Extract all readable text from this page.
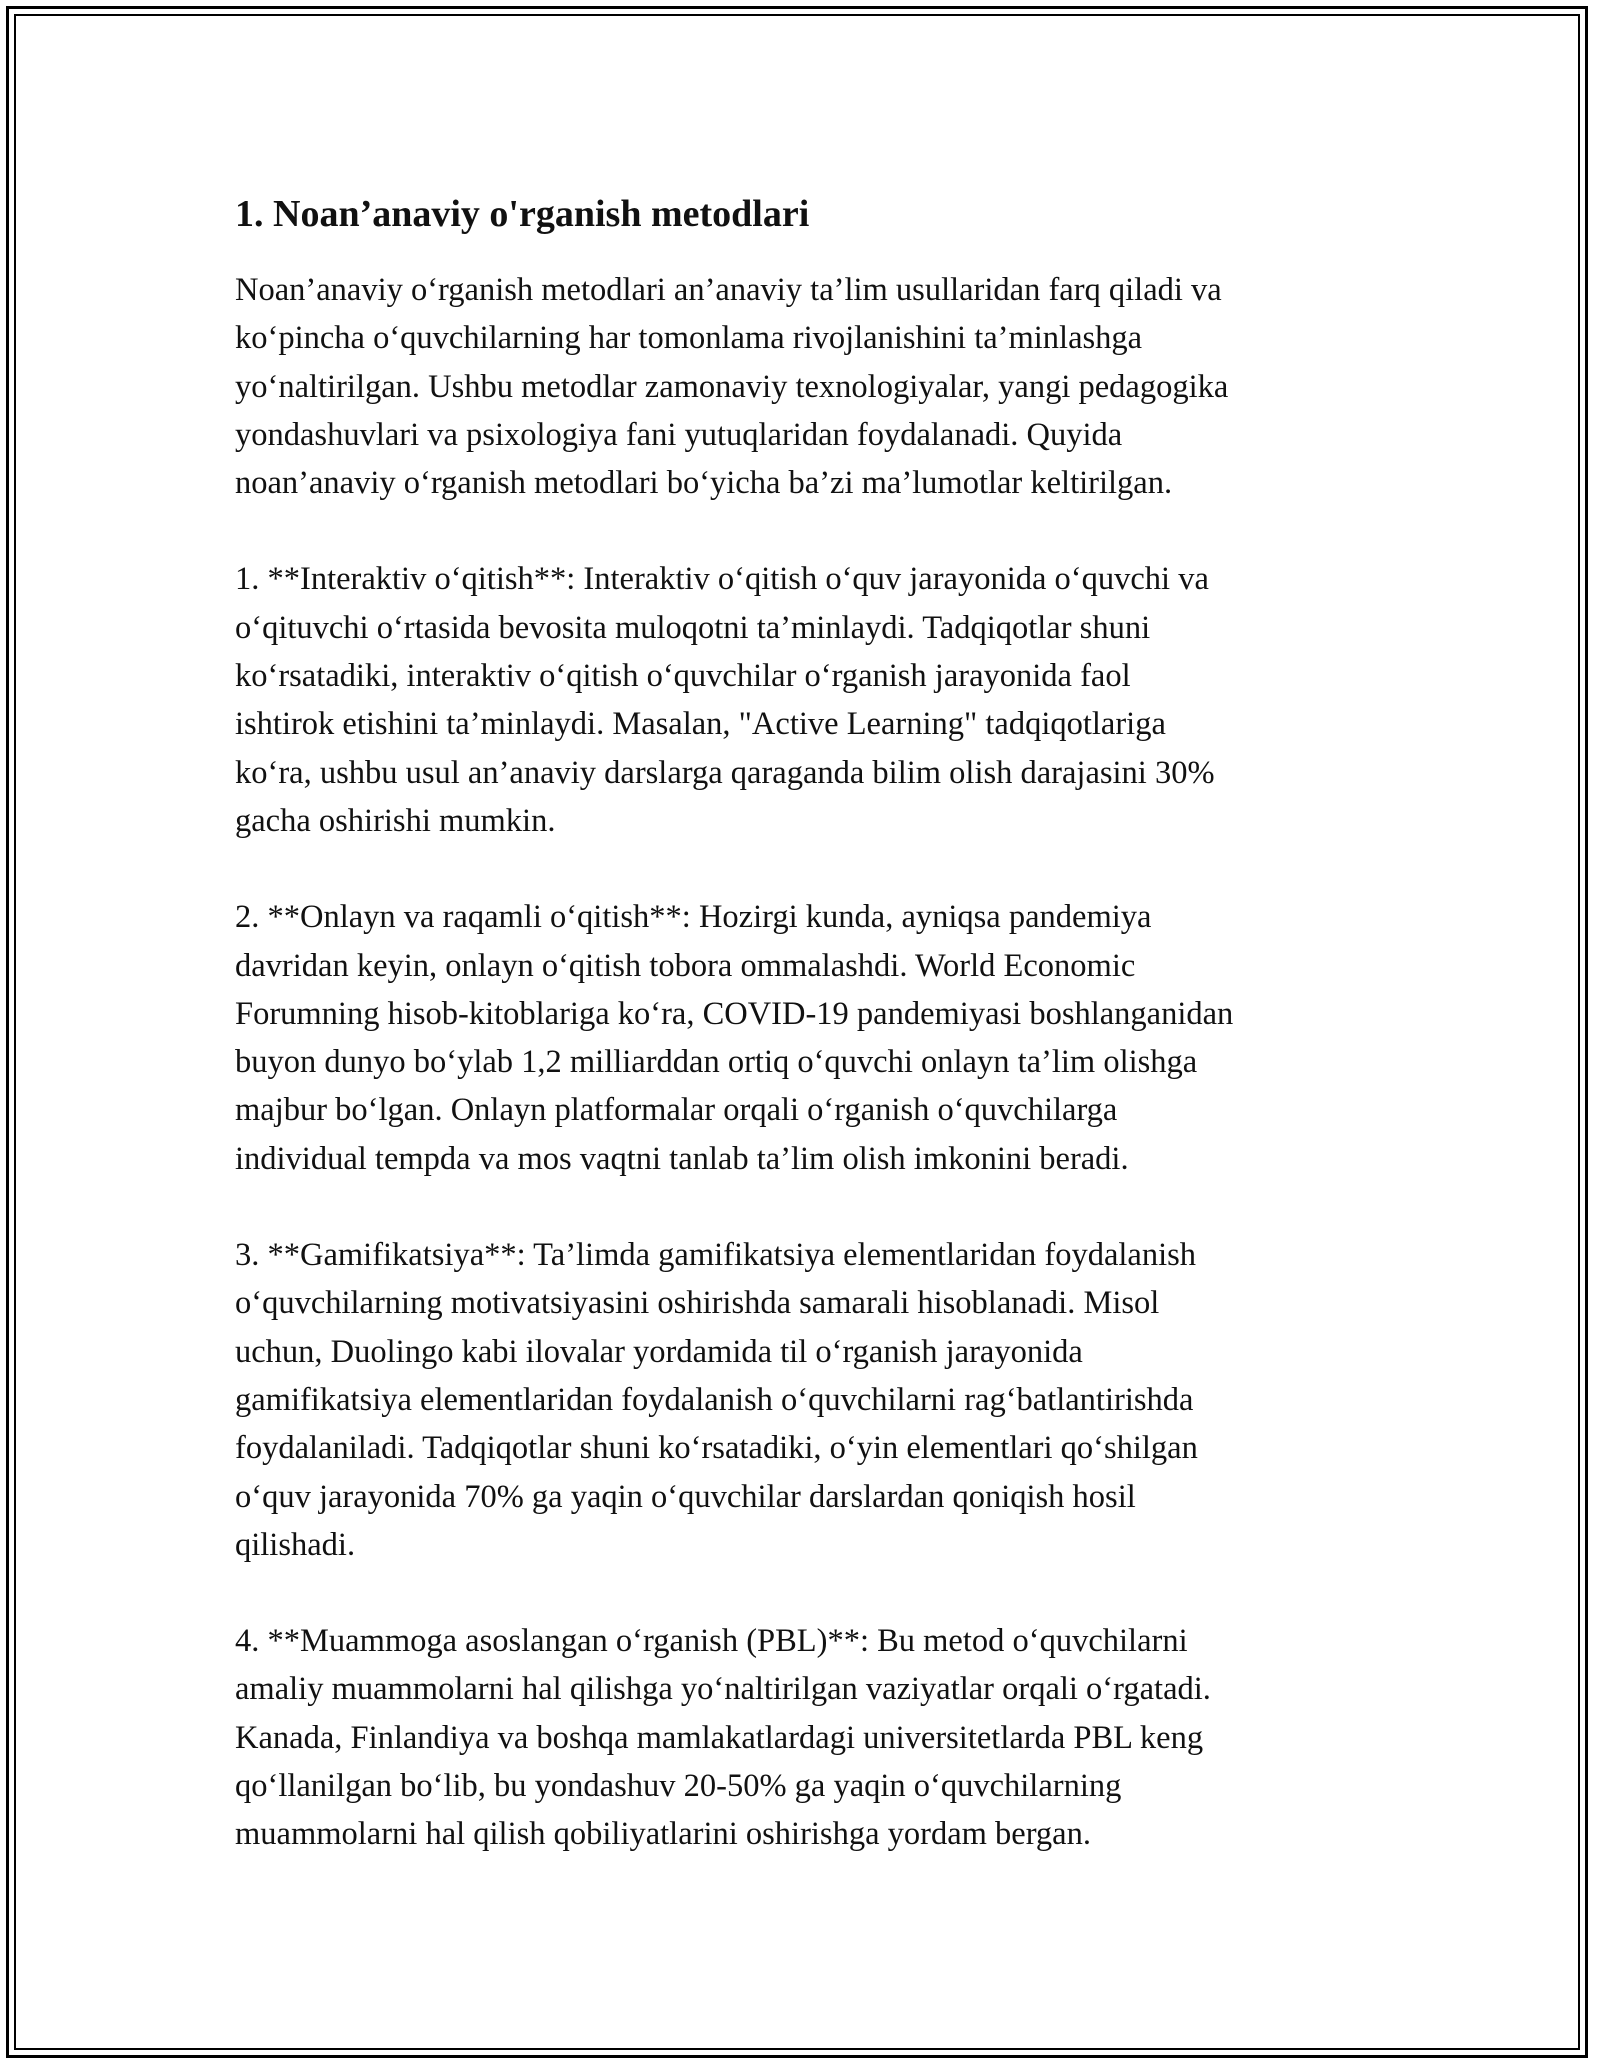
1. Noan’anaviy o'rganish metodlari

Noan’anaviy o‘rganish metodlari an’anaviy ta’lim usullaridan farq qiladi va
ko‘pincha o‘quvchilarning har tomonlama rivojlanishini ta’minlashga
yo‘naltirilgan. Ushbu metodlar zamonaviy texnologiyalar, yangi pedagogika
yondashuvlari va psixologiya fani yutuqlaridan foydalanadi. Quyida
noan’anaviy o‘rganish metodlari bo‘yicha ba’zi ma’lumotlar keltirilgan.

1. **Interaktiv o‘qitish**: Interaktiv o‘qitish o‘quv jarayonida o‘quvchi va
o‘qituvchi o‘rtasida bevosita muloqotni ta’minlaydi. Tadqiqotlar shuni
ko‘rsatadiki, interaktiv o‘qitish o‘quvchilar o‘rganish jarayonida faol
ishtirok etishini ta’minlaydi. Masalan, "Active Learning" tadqiqotlariga
ko‘ra, ushbu usul an’anaviy darslarga qaraganda bilim olish darajasini 30%
gacha oshirishi mumkin.

2. **Onlayn va raqamli o‘qitish**: Hozirgi kunda, ayniqsa pandemiya
davridan keyin, onlayn o‘qitish tobora ommalashdi. World Economic
Forumning hisob-kitoblariga ko‘ra, COVID-19 pandemiyasi boshlanganidan
buyon dunyo bo‘ylab 1,2 milliarddan ortiq o‘quvchi onlayn ta’lim olishga
majbur bo‘lgan. Onlayn platformalar orqali o‘rganish o‘quvchilarga
individual tempda va mos vaqtni tanlab ta’lim olish imkonini beradi.

3. **Gamifikatsiya**: Ta’limda gamifikatsiya elementlaridan foydalanish
o‘quvchilarning motivatsiyasini oshirishda samarali hisoblanadi. Misol
uchun, Duolingo kabi ilovalar yordamida til o‘rganish jarayonida
gamifikatsiya elementlaridan foydalanish o‘quvchilarni rag‘batlantirishda
foydalaniladi. Tadqiqotlar shuni ko‘rsatadiki, o‘yin elementlari qo‘shilgan
o‘quv jarayonida 70% ga yaqin o‘quvchilar darslardan qoniqish hosil
qilishadi.

4. **Muammoga asoslangan o‘rganish (PBL)**: Bu metod o‘quvchilarni
amaliy muammolarni hal qilishga yo‘naltirilgan vaziyatlar orqali o‘rgatadi.
Kanada, Finlandiya va boshqa mamlakatlardagi universitetlarda PBL keng
qo‘llanilgan bo‘lib, bu yondashuv 20-50% ga yaqin o‘quvchilarning
muammolarni hal qilish qobiliyatlarini oshirishga yordam bergan.
